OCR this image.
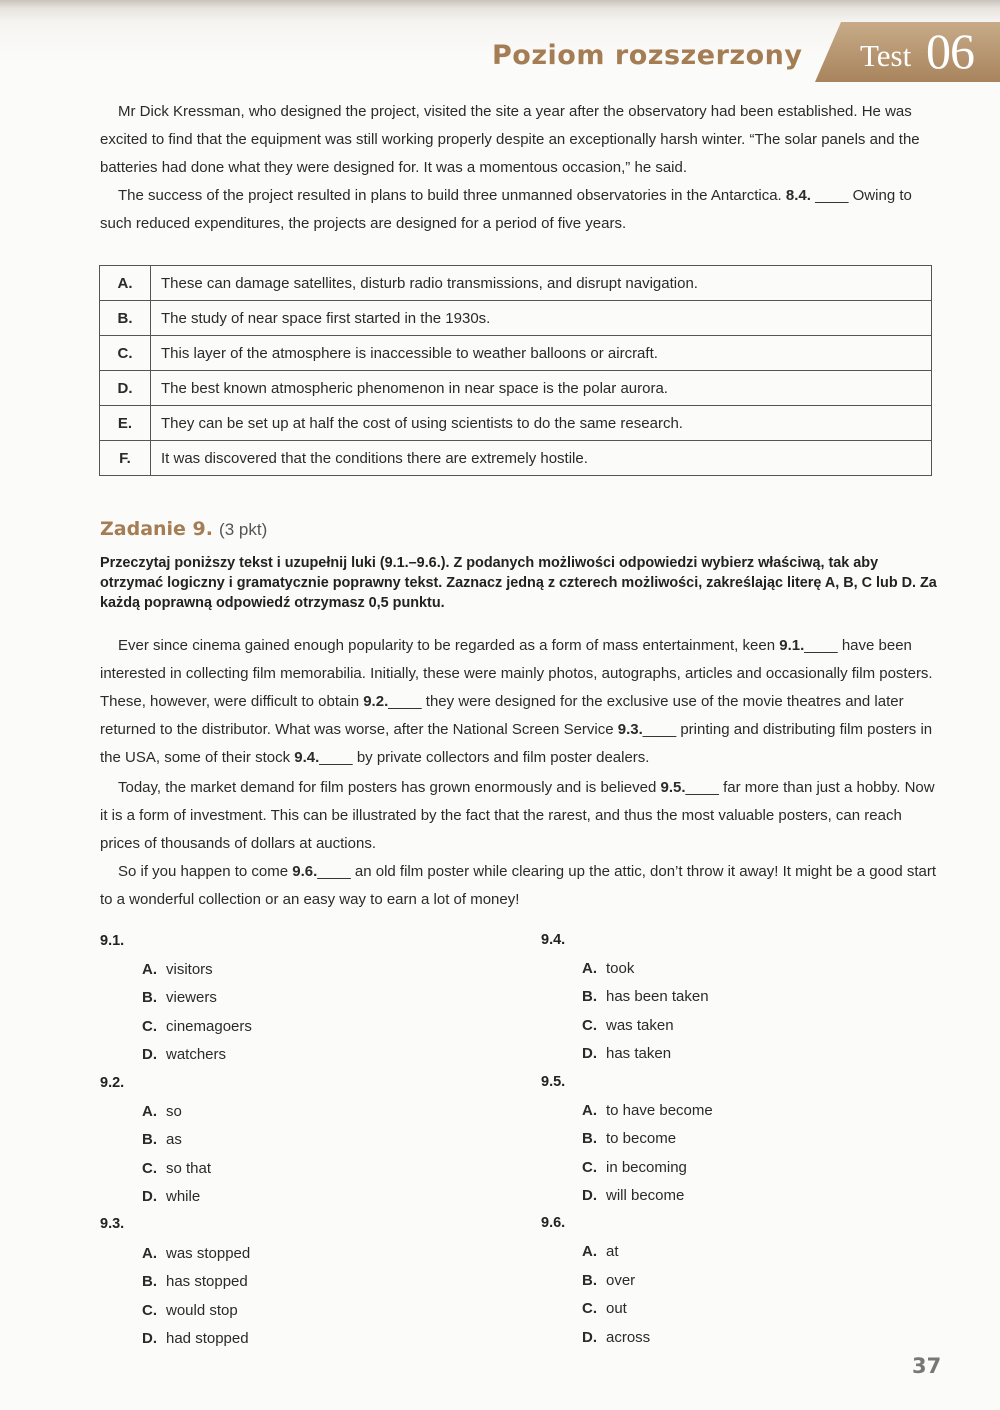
Poziom rozszerzony Test 06

Mr Dick Kressman, who designed the project, visited the site a year after the observatory had been established. He was excited to find that the equipment was still working properly despite an exceptionally harsh winter. “The solar panels and the batteries had done what they were designed for. It was a momentous occasion,” he said.

The success of the project resulted in plans to build three unmanned observatories in the Antarctica. 8.4. ____ Owing to such reduced expenditures, the projects are designed for a period of five years.

A.	These can damage satellites, disturb radio transmissions, and disrupt navigation.
B.	The study of near space first started in the 1930s.
C.	This layer of the atmosphere is inaccessible to weather balloons or aircraft.
D.	The best known atmospheric phenomenon in near space is the polar aurora.
E.	They can be set up at half the cost of using scientists to do the same research.
F.	It was discovered that the conditions there are extremely hostile.
Zadanie 9. (3 pkt)

Przeczytaj poniższy tekst i uzupełnij luki (9.1.–9.6.). Z podanych możliwości odpowiedzi wybierz właściwą, tak aby otrzymać logiczny i gramatycznie poprawny tekst. Zaznacz jedną z czterech możliwości, zakreślając literę A, B, C lub D. Za każdą poprawną odpowiedź otrzymasz 0,5 punktu.

Ever since cinema gained enough popularity to be regarded as a form of mass entertainment, keen 9.1.____ have been interested in collecting film memorabilia. Initially, these were mainly photos, autographs, articles and occasionally film posters. These, however, were difficult to obtain 9.2.____ they were designed for the exclusive use of the movie theatres and later returned to the distributor. What was worse, after the National Screen Service 9.3.____ printing and distributing film posters in the USA, some of their stock 9.4.____ by private collectors and film poster dealers.

Today, the market demand for film posters has grown enormously and is believed 9.5.____ far more than just a hobby. Now it is a form of investment. This can be illustrated by the fact that the rarest, and thus the most valuable posters, can reach prices of thousands of dollars at auctions.

So if you happen to come 9.6.____ an old film poster while clearing up the attic, don’t throw it away! It might be a good start to a wonderful collection or an easy way to earn a lot of money!

9.1.
A. visitors
B. viewers
C. cinemagoers
D. watchers
9.2.
A. so
B. as
C. so that
D. while
9.3.
A. was stopped
B. has stopped
C. would stop
D. had stopped
9.4.
A. took
B. has been taken
C. was taken
D. has taken
9.5.
A. to have become
B. to become
C. in becoming
D. will become
9.6.
A. at
B. over
C. out
D. across
37
